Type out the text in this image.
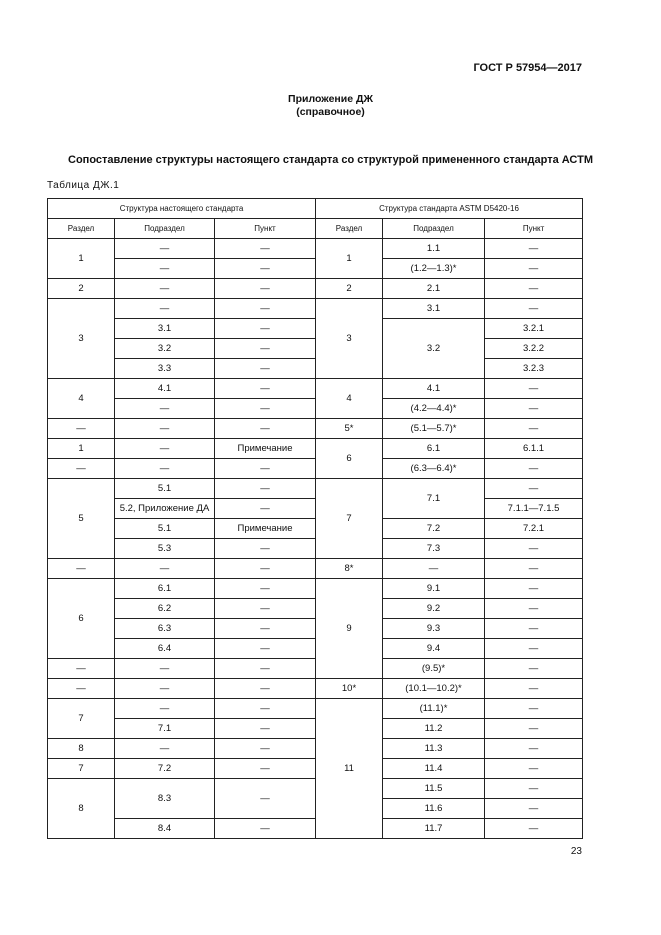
ГОСТ Р 57954—2017
Приложение ДЖ
(справочное)
Сопоставление структуры настоящего стандарта со структурой примененного стандарта АСТМ
Таблица ДЖ.1
Структура настоящего стандарта			Структура стандарта ASTM D5420-16		
Раздел	Подраздел	Пункт	Раздел	Подраздел	Пункт
1	—	—	1	1.1	—
	—	—		(1.2—1.3)*	—
2	—	—	2	2.1	—
3	—	—	3	3.1	—
	3.1	—		3.2	3.2.1
	3.2	—			3.2.2
	3.3	—			3.2.3
4	4.1	—	4	4.1	—
	—	—		(4.2—4.4)*	—
—	—	—	5*	(5.1—5.7)*	—
1	—	Примечание	6	6.1	6.1.1
—	—	—		(6.3—6.4)*	—
5	5.1	—	7	7.1	—
	5.2, Приложение ДА	—			7.1.1—7.1.5
	5.1	Примечание		7.2	7.2.1
	5.3	—		7.3	—
—	—	—	8*	—	—
6	6.1	—	9	9.1	—
	6.2	—		9.2	—
	6.3	—		9.3	—
	6.4	—		9.4	—
—	—	—		(9.5)*	—
—	—	—	10*	(10.1—10.2)*	—
7	—	—	11	(11.1)*	—
	7.1	—		11.2	—
8	—	—		11.3	—
7	7.2	—		11.4	—
8	8.3	—		11.5	—
				11.6	—
	8.4	—		11.7	—
23
